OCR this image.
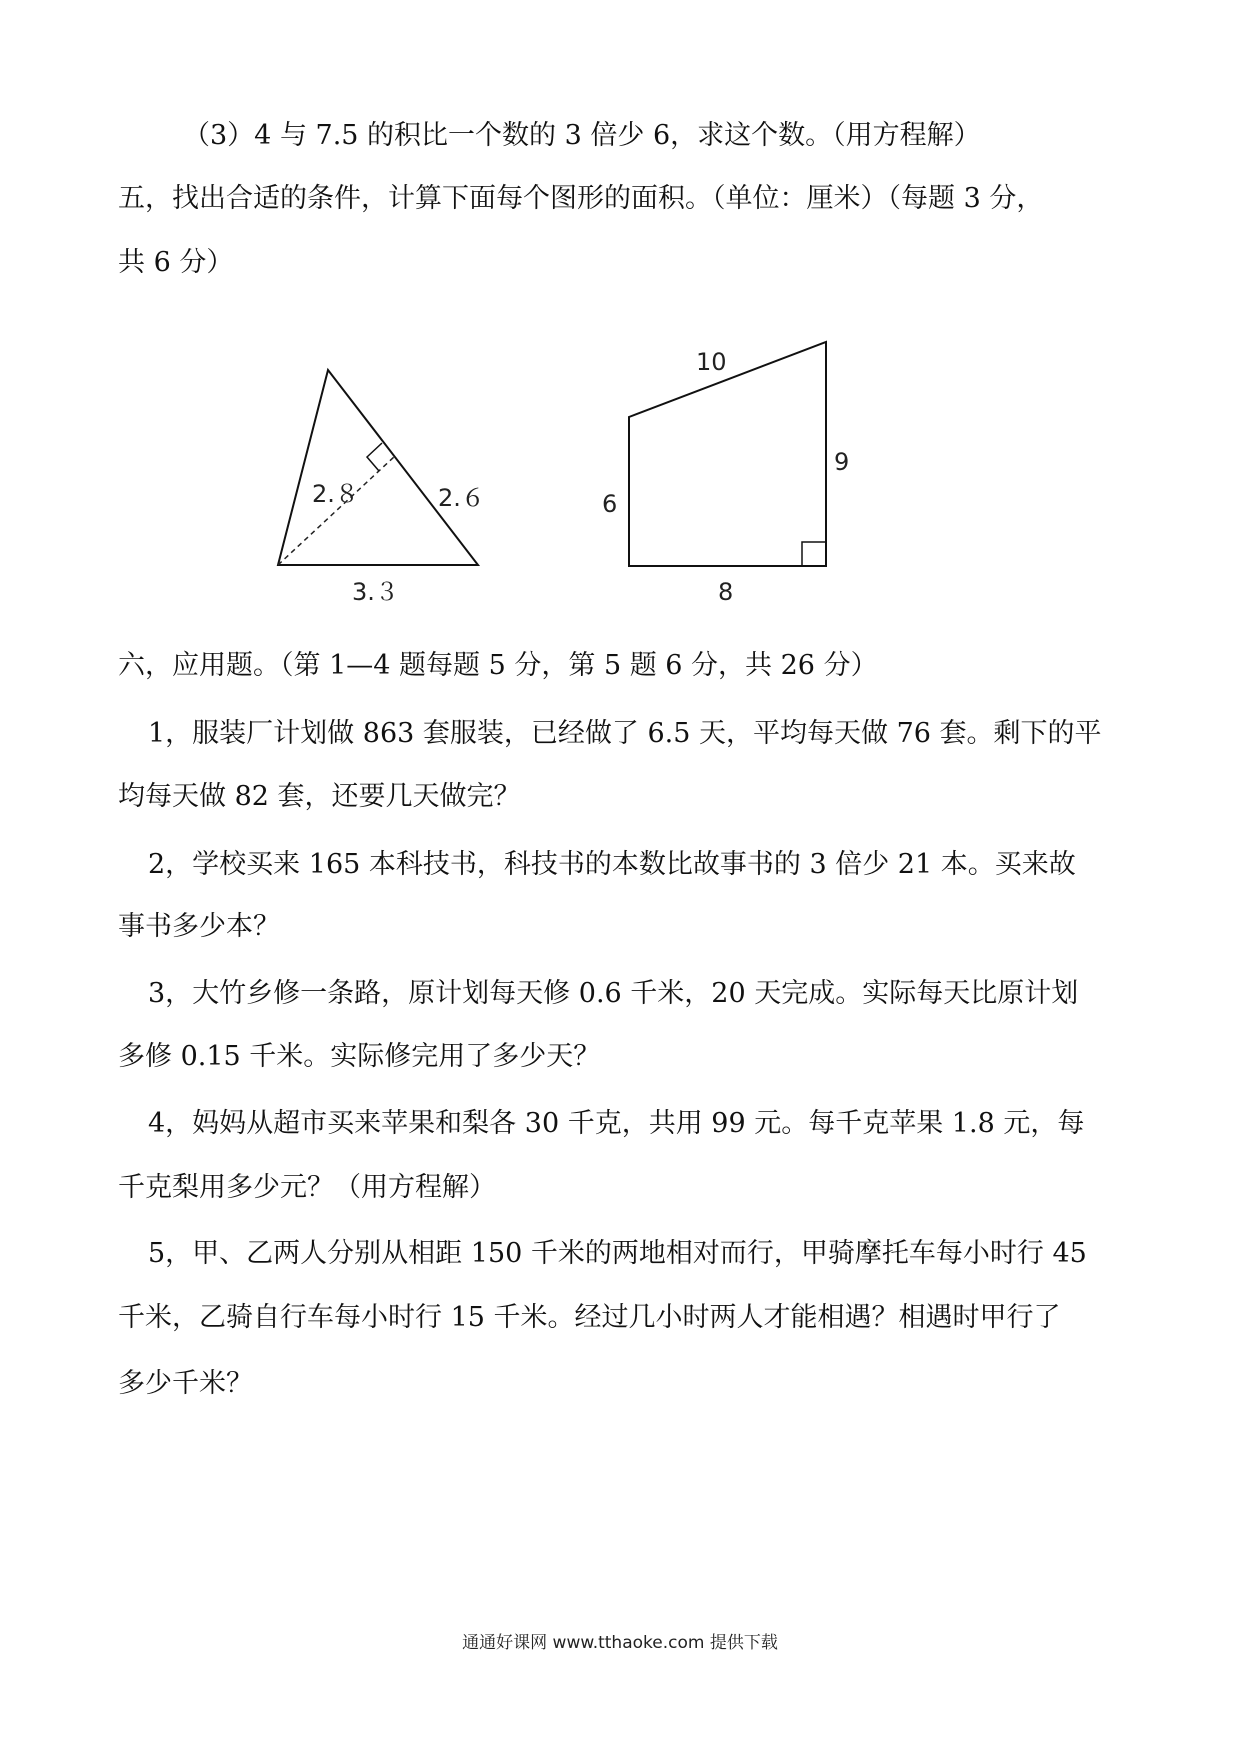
（3）4 与 7.5 的积比一个数的 3 倍少 6，求这个数。（用方程解）
五，找出合适的条件，计算下面每个图形的面积。（单位：厘米）（每题 3 分，
共 6 分）
2.８	2.６
3.３
10
9
6
8
六，应用题。（第 1—4 题每题 5 分，第 5 题 6 分，共 26 分）
1，服装厂计划做 863 套服装，已经做了 6.5 天，平均每天做 76 套。剩下的平
均每天做 82 套，还要几天做完？
2，学校买来 165 本科技书，科技书的本数比故事书的 3 倍少 21 本。买来故
事书多少本？
3，大竹乡修一条路，原计划每天修 0.6 千米，20 天完成。实际每天比原计划
多修 0.15 千米。实际修完用了多少天？
4，妈妈从超市买来苹果和梨各 30 千克，共用 99 元。每千克苹果 1.8 元，每
千克梨用多少元？（用方程解）
5，甲、乙两人分别从相距 150 千米的两地相对而行，甲骑摩托车每小时行 45
千米，乙骑自行车每小时行 15 千米。经过几小时两人才能相遇？相遇时甲行了
多少千米？
通通好课网 www.tthaoke.com 提供下载
